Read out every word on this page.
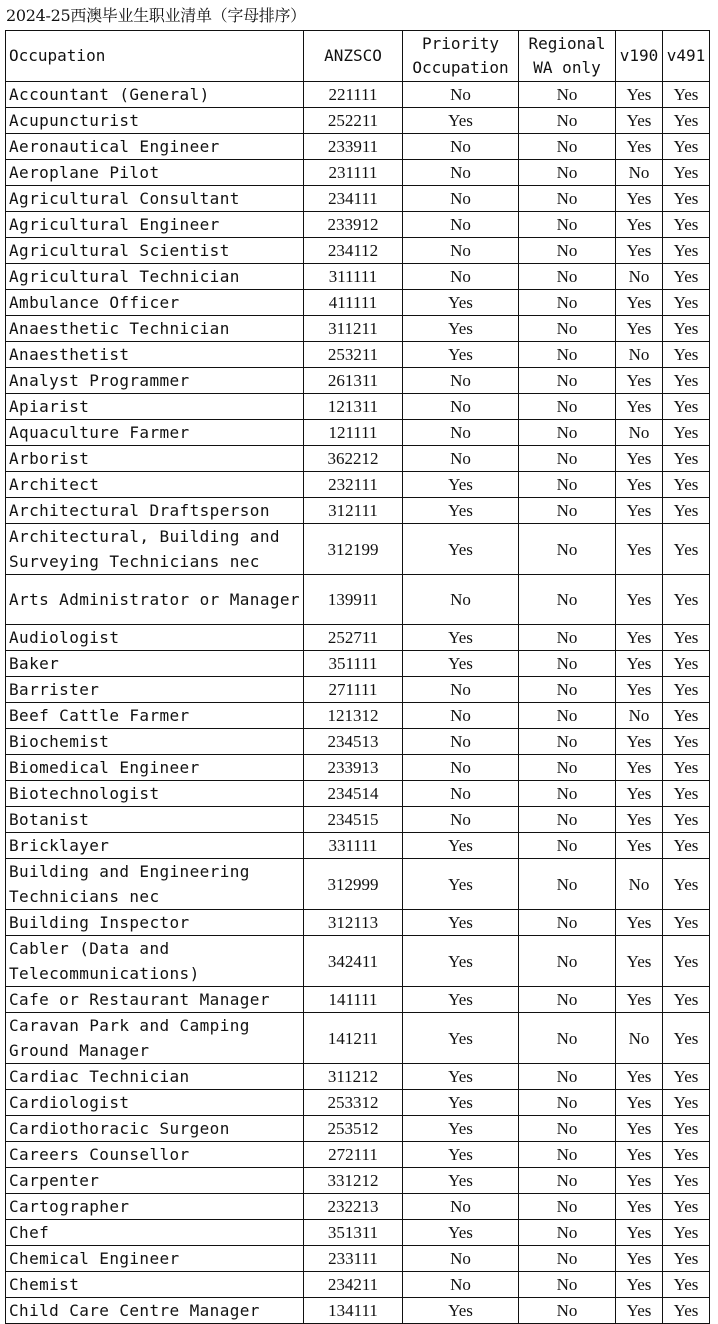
2024-25西澳毕业生职业清单（字母排序）
Occupation	ANZSCO	Priority Occupation	Regional WA only	v190	v491
Accountant (General)	221111	No	No	Yes	Yes
Acupuncturist	252211	Yes	No	Yes	Yes
Aeronautical Engineer	233911	No	No	Yes	Yes
Aeroplane Pilot	231111	No	No	No	Yes
Agricultural Consultant	234111	No	No	Yes	Yes
Agricultural Engineer	233912	No	No	Yes	Yes
Agricultural Scientist	234112	No	No	Yes	Yes
Agricultural Technician	311111	No	No	No	Yes
Ambulance Officer	411111	Yes	No	Yes	Yes
Anaesthetic Technician	311211	Yes	No	Yes	Yes
Anaesthetist	253211	Yes	No	No	Yes
Analyst Programmer	261311	No	No	Yes	Yes
Apiarist	121311	No	No	Yes	Yes
Aquaculture Farmer	121111	No	No	No	Yes
Arborist	362212	No	No	Yes	Yes
Architect	232111	Yes	No	Yes	Yes
Architectural Draftsperson	312111	Yes	No	Yes	Yes
Architectural, Building and Surveying Technicians nec	312199	Yes	No	Yes	Yes
Arts Administrator or Manager	139911	No	No	Yes	Yes
Audiologist	252711	Yes	No	Yes	Yes
Baker	351111	Yes	No	Yes	Yes
Barrister	271111	No	No	Yes	Yes
Beef Cattle Farmer	121312	No	No	No	Yes
Biochemist	234513	No	No	Yes	Yes
Biomedical Engineer	233913	No	No	Yes	Yes
Biotechnologist	234514	No	No	Yes	Yes
Botanist	234515	No	No	Yes	Yes
Bricklayer	331111	Yes	No	Yes	Yes
Building and Engineering Technicians nec	312999	Yes	No	No	Yes
Building Inspector	312113	Yes	No	Yes	Yes
Cabler (Data and Telecommunications)	342411	Yes	No	Yes	Yes
Cafe or Restaurant Manager	141111	Yes	No	Yes	Yes
Caravan Park and Camping Ground Manager	141211	Yes	No	No	Yes
Cardiac Technician	311212	Yes	No	Yes	Yes
Cardiologist	253312	Yes	No	Yes	Yes
Cardiothoracic Surgeon	253512	Yes	No	Yes	Yes
Careers Counsellor	272111	Yes	No	Yes	Yes
Carpenter	331212	Yes	No	Yes	Yes
Cartographer	232213	No	No	Yes	Yes
Chef	351311	Yes	No	Yes	Yes
Chemical Engineer	233111	No	No	Yes	Yes
Chemist	234211	No	No	Yes	Yes
Child Care Centre Manager	134111	Yes	No	Yes	Yes
